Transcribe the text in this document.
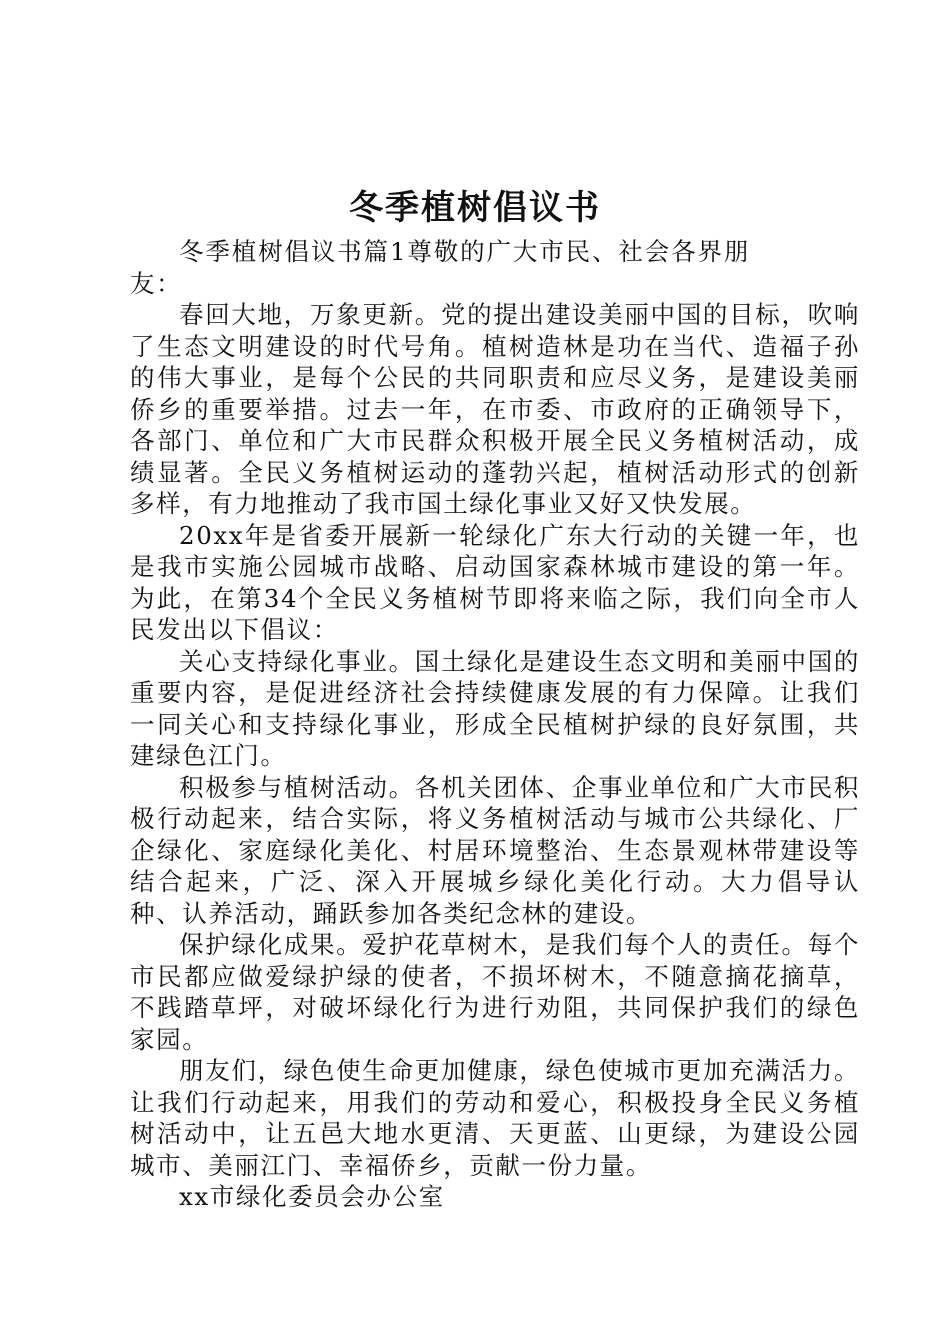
冬季植树倡议书

冬季植树倡议书篇1尊敬的广大市民、社会各界朋友：

春回大地，万象更新。党的提出建设美丽中国的目标，吹响了生态文明建设的时代号角。植树造林是功在当代、造福子孙的伟大事业，是每个公民的共同职责和应尽义务，是建设美丽侨乡的重要举措。过去一年，在市委、市政府的正确领导下，各部门、单位和广大市民群众积极开展全民义务植树活动，成绩显著。全民义务植树运动的蓬勃兴起，植树活动形式的创新多样，有力地推动了我市国土绿化事业又好又快发展。

20xx年是省委开展新一轮绿化广东大行动的关键一年，也是我市实施公园城市战略、启动国家森林城市建设的第一年。为此，在第34个全民义务植树节即将来临之际，我们向全市人民发出以下倡议：

关心支持绿化事业。国土绿化是建设生态文明和美丽中国的重要内容，是促进经济社会持续健康发展的有力保障。让我们一同关心和支持绿化事业，形成全民植树护绿的良好氛围，共建绿色江门。

积极参与植树活动。各机关团体、企事业单位和广大市民积极行动起来，结合实际，将义务植树活动与城市公共绿化、厂企绿化、家庭绿化美化、村居环境整治、生态景观林带建设等结合起来，广泛、深入开展城乡绿化美化行动。大力倡导认种、认养活动，踊跃参加各类纪念林的建设。

保护绿化成果。爱护花草树木，是我们每个人的责任。每个市民都应做爱绿护绿的使者，不损坏树木，不随意摘花摘草，不践踏草坪，对破坏绿化行为进行劝阻，共同保护我们的绿色家园。

朋友们，绿色使生命更加健康，绿色使城市更加充满活力。让我们行动起来，用我们的劳动和爱心，积极投身全民义务植树活动中，让五邑大地水更清、天更蓝、山更绿，为建设公园城市、美丽江门、幸福侨乡，贡献一份力量。

xx市绿化委员会办公室
